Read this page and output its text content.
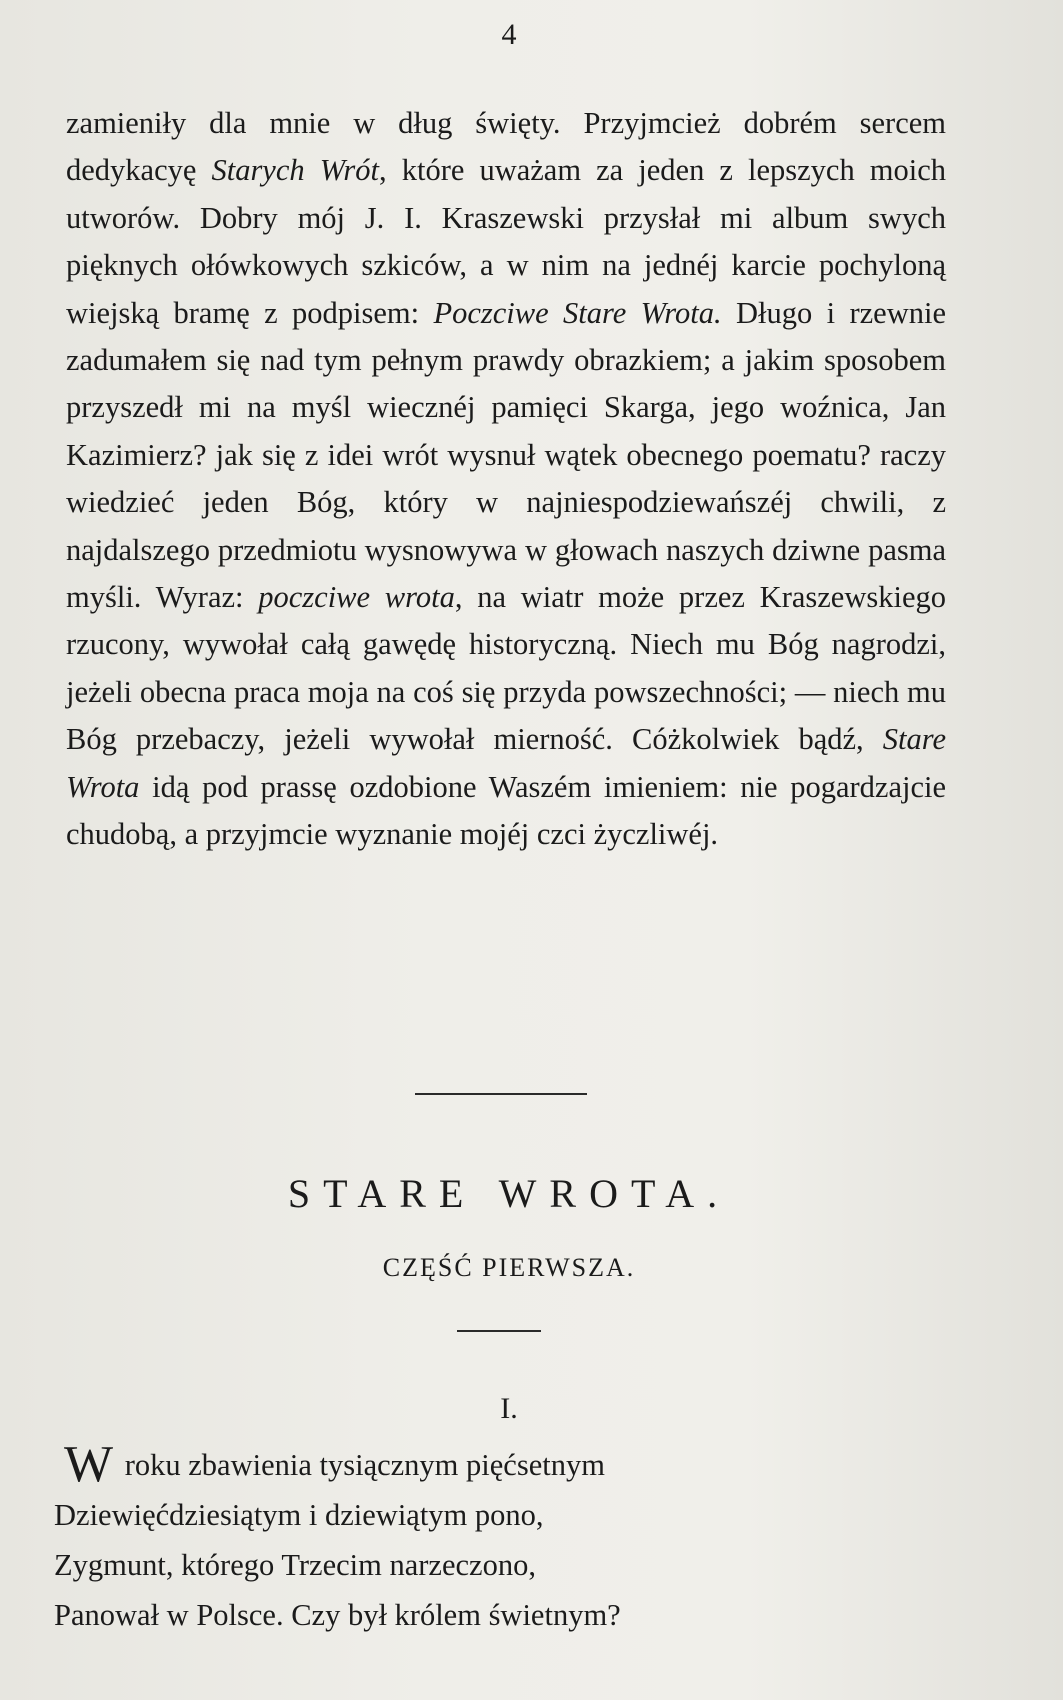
4

zamieniły dla mnie w dług święty. Przyjmcież dobrém sercem dedykacyę Starych Wrót, które uważam za jeden z lepszych moich utworów. Dobry mój J. I. Kraszewski przysłał mi album swych pięknych ołówkowych szkiców, a w nim na jednéj karcie pochyloną wiejską bramę z podpisem: Poczciwe Stare Wrota. Długo i rzewnie zadumałem się nad tym pełnym prawdy obrazkiem; a jakim sposobem przyszedł mi na myśl wiecznéj pamięci Skarga, jego woźnica, Jan Kazimierz? jak się z idei wrót wysnuł wątek obecnego poematu? raczy wiedzieć jeden Bóg, który w najniespodziewańszéj chwili, z najdalszego przedmiotu wysnowywa w głowach naszych dziwne pasma myśli. Wyraz: poczciwe wrota, na wiatr może przez Kraszewskiego rzucony, wywołał całą gawędę historyczną. Niech mu Bóg nagrodzi, jeżeli obecna praca moja na coś się przyda powszechności; — niech mu Bóg przebaczy, jeżeli wywołał mierność. Cóżkolwiek bądź, Stare Wrota idą pod prassę ozdobione Waszém imieniem: nie pogardzajcie chudobą, a przyjmcie wyznanie mojéj czci życzliwéj.

STARE WROTA.
CZĘŚĆ PIERWSZA.
I.
W roku zbawienia tysiącznym pięćsetnym
Dziewięćdziesiątym i dziewiątym pono,
Zygmunt, którego Trzecim narzeczono,
Panował w Polsce. Czy był królem świetnym?
